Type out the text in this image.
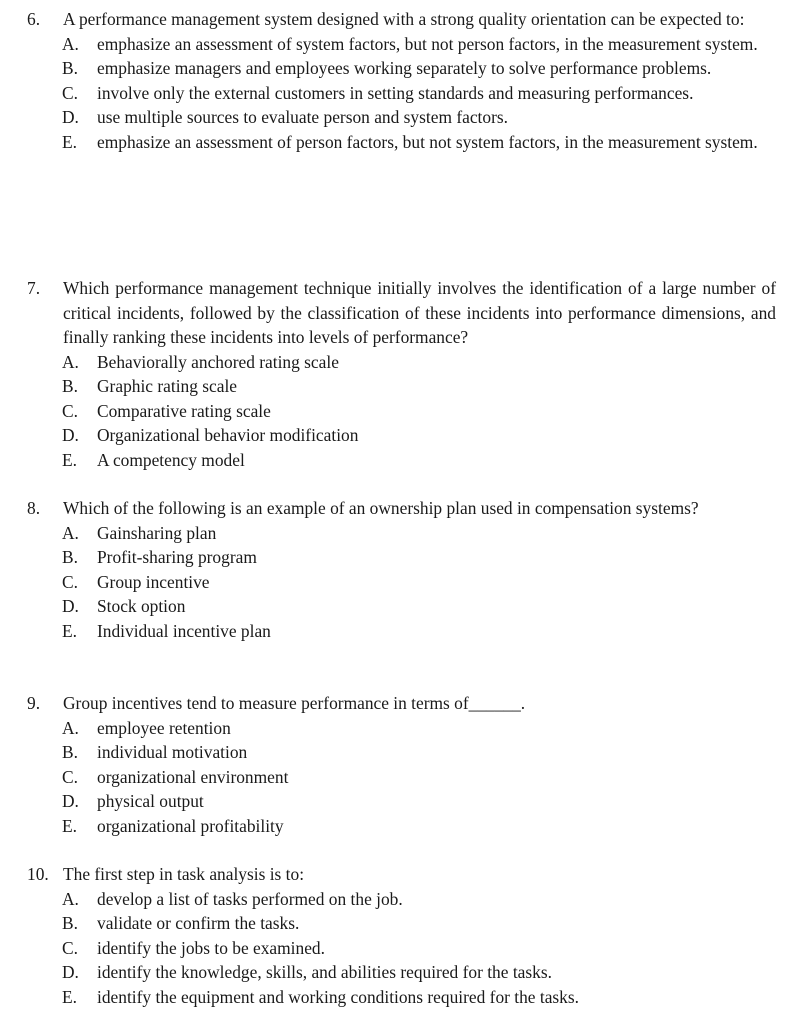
6. A performance management system designed with a strong quality orientation can be expected to:
A. emphasize an assessment of system factors, but not person factors, in the measurement system.
B. emphasize managers and employees working separately to solve performance problems.
C. involve only the external customers in setting standards and measuring performances.
D. use multiple sources to evaluate person and system factors.
E. emphasize an assessment of person factors, but not system factors, in the measurement system.
7. Which performance management technique initially involves the identification of a large number of critical incidents, followed by the classification of these incidents into performance dimensions, and finally ranking these incidents into levels of performance?
A. Behaviorally anchored rating scale
B. Graphic rating scale
C. Comparative rating scale
D. Organizational behavior modification
E. A competency model
8. Which of the following is an example of an ownership plan used in compensation systems?
A. Gainsharing plan
B. Profit-sharing program
C. Group incentive
D. Stock option
E. Individual incentive plan
9. Group incentives tend to measure performance in terms of______.
A. employee retention
B. individual motivation
C. organizational environment
D. physical output
E. organizational profitability
10. The first step in task analysis is to:
A. develop a list of tasks performed on the job.
B. validate or confirm the tasks.
C. identify the jobs to be examined.
D. identify the knowledge, skills, and abilities required for the tasks.
E. identify the equipment and working conditions required for the tasks.
